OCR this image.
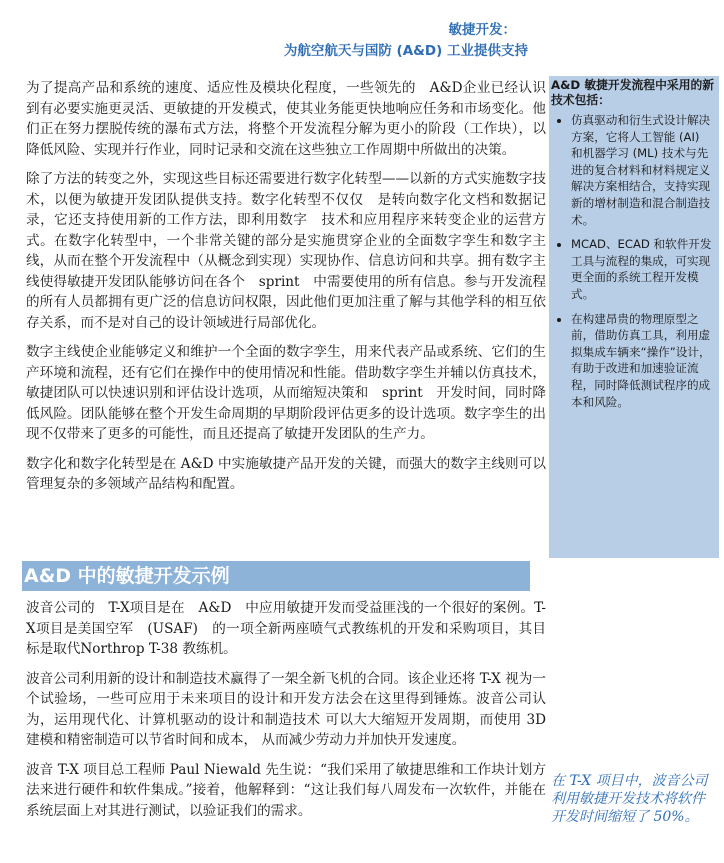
敏捷开发：
为航空航天与国防 (A&D) 工业提供支持

为了提高产品和系统的速度、适应性及模块化程度，一些领先的　A&D企业已经认识到有必要实施更灵活、更敏捷的开发模式，使其业务能更快地响应任务和市场变化。他们正在努力摆脱传统的瀑布式方法，将整个开发流程分解为更小的阶段（工作块），以降低风险、实现并行作业，同时记录和交流在这些独立工作周期中所做出的决策。

除了方法的转变之外，实现这些目标还需要进行数字化转型——以新的方式实施数字技术，以便为敏捷开发团队提供支持。数字化转型不仅仅　是转向数字化文档和数据记录，它还支持使用新的工作方法，即利用数字　技术和应用程序来转变企业的运营方式。在数字化转型中，一个非常关键的部分是实施贯穿企业的全面数字孪生和数字主线，从而在整个开发流程中（从概念到实现）实现协作、信息访问和共享。拥有数字主线使得敏捷开发团队能够访问在各个　sprint　中需要使用的所有信息。参与开发流程的所有人员都拥有更广泛的信息访问权限，因此他们更加注重了解与其他学科的相互依存关系，而不是对自己的设计领域进行局部优化。

数字主线使企业能够定义和维护一个全面的数字孪生，用来代表产品或系统、它们的生产环境和流程，还有它们在操作中的使用情况和性能。借助数字孪生并辅以仿真技术，敏捷团队可以快速识别和评估设计选项，从而缩短决策和　sprint　开发时间，同时降低风险。团队能够在整个开发生命周期的早期阶段评估更多的设计选项。数字孪生的出现不仅带来了更多的可能性，而且还提高了敏捷开发团队的生产力。

数字化和数字化转型是在 A&D 中实施敏捷产品开发的关键，而强大的数字主线则可以管理复杂的多领域产品结构和配置。

A&D 敏捷开发流程中采用的新技术包括：
• 仿真驱动和衍生式设计解决方案，它将人工智能 (AI) 和机器学习 (ML) 技术与先进的复合材料和材料规定义解决方案相结合，支持实现新的增材制造和混合制造技术。
• MCAD、ECAD 和软件开发工具与流程的集成，可实现更全面的系统工程开发模式。
• 在构建昂贵的物理原型之前，借助仿真工具，利用虚拟集成车辆来“操作”设计，有助于改进和加速验证流程，同时降低测试程序的成本和风险。
A&D 中的敏捷开发示例

波音公司的　T-X项目是在　A&D　中应用敏捷开发而受益匪浅的一个很好的案例。T-X项目是美国空军　(USAF)　的一项全新两座喷气式教练机的开发和采购项目，其目标是取代Northrop T-38 教练机。

波音公司利用新的设计和制造技术赢得了一架全新飞机的合同。该企业还将 T-X 视为一个试验场，一些可应用于未来项目的设计和开发方法会在这里得到锤炼。波音公司认为，运用现代化、计算机驱动的设计和制造技术 可以大大缩短开发周期，而使用 3D 建模和精密制造可以节省时间和成本， 从而减少劳动力并加快开发速度。

波音 T-X 项目总工程师 Paul Niewald 先生说：“我们采用了敏捷思维和工作块计划方法来进行硬件和软件集成。”接着，他解释到：“这让我们每八周发布一次软件，并能在系统层面上对其进行测试，以验证我们的需求。

在 T-X 项目中，波音公司利用敏捷开发技术将软件开发时间缩短了 50%。
